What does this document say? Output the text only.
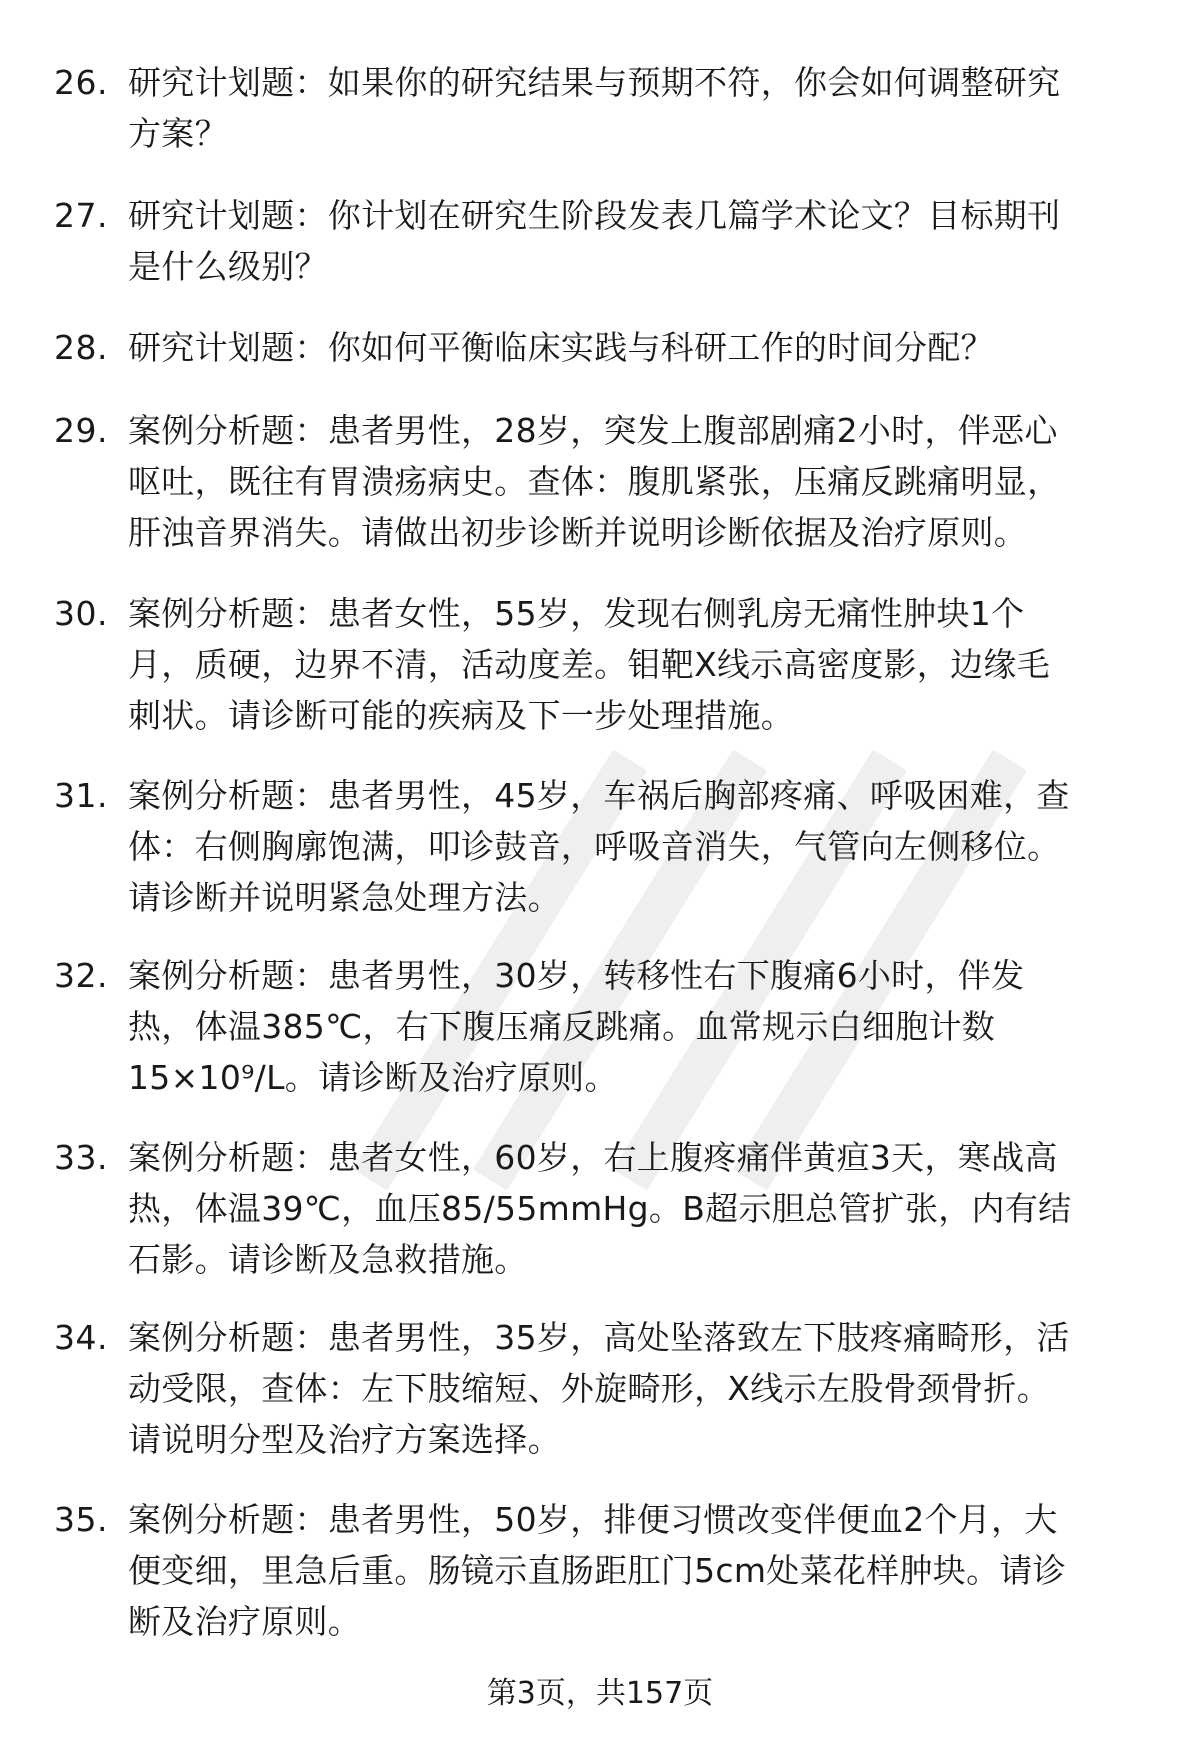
26. 研究计划题：如果你的研究结果与预期不符，你会如何调整研究
方案？
27. 研究计划题：你计划在研究生阶段发表几篇学术论文？目标期刊
是什么级别？
28. 研究计划题：你如何平衡临床实践与科研工作的时间分配？
29. 案例分析题：患者男性，28岁，突发上腹部剧痛2小时，伴恶心
呕吐，既往有胃溃疡病史。查体：腹肌紧张，压痛反跳痛明显，
肝浊音界消失。请做出初步诊断并说明诊断依据及治疗原则。
30. 案例分析题：患者女性，55岁，发现右侧乳房无痛性肿块1个
月，质硬，边界不清，活动度差。钼靶X线示高密度影，边缘毛
刺状。请诊断可能的疾病及下一步处理措施。
31. 案例分析题：患者男性，45岁，车祸后胸部疼痛、呼吸困难，查
体：右侧胸廓饱满，叩诊鼓音，呼吸音消失，气管向左侧移位。
请诊断并说明紧急处理方法。
32. 案例分析题：患者男性，30岁，转移性右下腹痛6小时，伴发
热，体温385℃，右下腹压痛反跳痛。血常规示白细胞计数
15×10⁹/L。请诊断及治疗原则。
33. 案例分析题：患者女性，60岁，右上腹疼痛伴黄疸3天，寒战高
热，体温39℃，血压85/55mmHg。B超示胆总管扩张，内有结
石影。请诊断及急救措施。
34. 案例分析题：患者男性，35岁，高处坠落致左下肢疼痛畸形，活
动受限，查体：左下肢缩短、外旋畸形，X线示左股骨颈骨折。
请说明分型及治疗方案选择。
35. 案例分析题：患者男性，50岁，排便习惯改变伴便血2个月，大
便变细，里急后重。肠镜示直肠距肛门5cm处菜花样肿块。请诊
断及治疗原则。
第3页，共157页
